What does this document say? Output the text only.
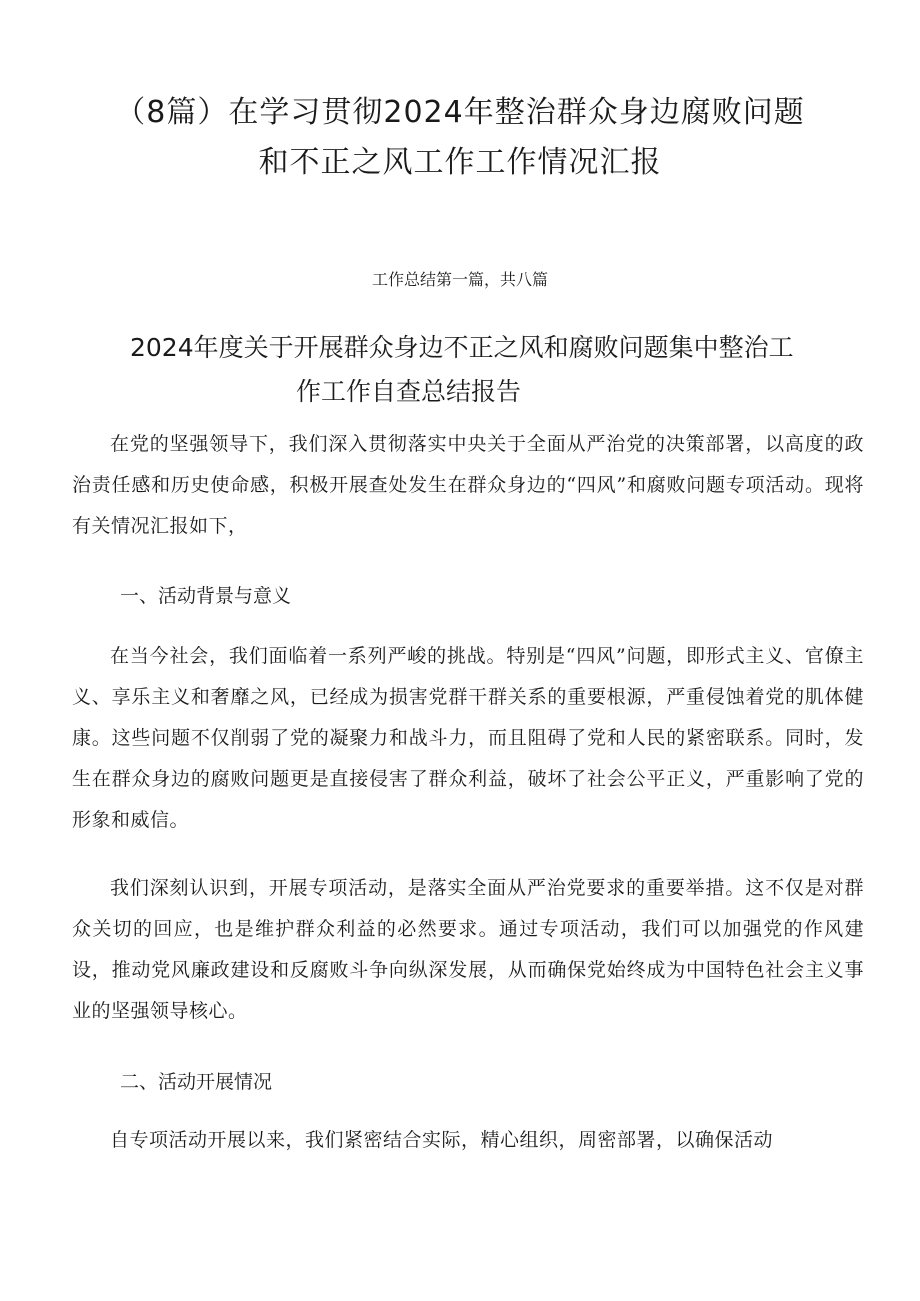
（8篇）在学习贯彻2024年整治群众身边腐败问题
和不正之风工作工作情况汇报

工作总结第一篇，共八篇

2024年度关于开展群众身边不正之风和腐败问题集中整治工
作工作自查总结报告

在党的坚强领导下，我们深入贯彻落实中央关于全面从严治党的决策部署，以高度的政治责任感和历史使命感，积极开展查处发生在群众身边的“四风”和腐败问题专项活动。现将有关情况汇报如下，

一、活动背景与意义

在当今社会，我们面临着一系列严峻的挑战。特别是“四风”问题，即形式主义、官僚主义、享乐主义和奢靡之风，已经成为损害党群干群关系的重要根源，严重侵蚀着党的肌体健康。这些问题不仅削弱了党的凝聚力和战斗力，而且阻碍了党和人民的紧密联系。同时，发生在群众身边的腐败问题更是直接侵害了群众利益，破坏了社会公平正义，严重影响了党的形象和威信。

我们深刻认识到，开展专项活动，是落实全面从严治党要求的重要举措。这不仅是对群众关切的回应，也是维护群众利益的必然要求。通过专项活动，我们可以加强党的作风建设，推动党风廉政建设和反腐败斗争向纵深发展，从而确保党始终成为中国特色社会主义事业的坚强领导核心。

二、活动开展情况

自专项活动开展以来，我们紧密结合实际，精心组织，周密部署，以确保活动
